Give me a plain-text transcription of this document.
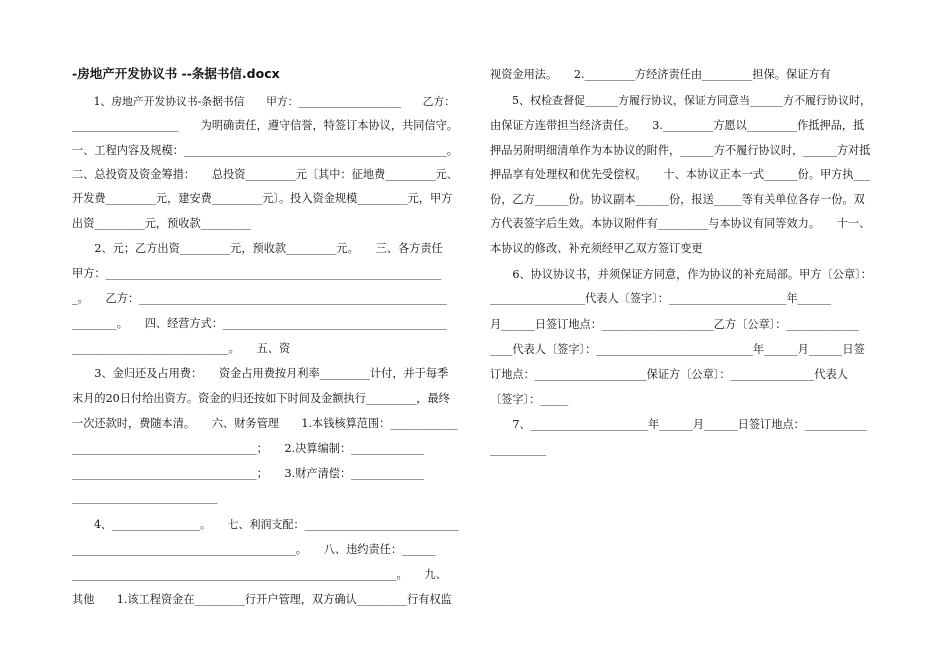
-房地产开发协议书 --条据书信.docx
　　1、房地产开发协议书-条据书信　　甲方：___________________　　乙方：
___________________　　为明确责任，遵守信誉，特签订本协议，共同信守。
一、工程内容及规模：_______________________________________________。
二、总投资及资金筹措：　　总投资_________元〔其中：征地费_________元、
开发费_________元，建安费_________元〕。投入资金规模_________元，甲方
出资_________元，预收款_________
　　2、元；乙方出资_________元，预收款_________元。　　三、各方责任
甲方：____________________________________________________________
_。　　乙方：_______________________________________________________
________。　　四、经营方式：________________________________________
____________________________。　　五、资
　　3、金归还及占用费：　　资金占用费按月利率_________计付，并于每季
末月的20日付给出资方。资金的归还按如下时间及金额执行_________，最终
一次还款时，费随本清。　　六、财务管理　　1.本钱核算范围：____________
_________________________________；　　2.决算编制：_____________
_________________________________；　　3.财产清偿：_____________
__________________________
　　4、________________。　　七、利润支配：____________________________
________________________________________。　　八、违约责任：______
__________________________________________________________。　　九、
其他　　1.该工程资金在_________行开户管理，双方确认_________行有权监
视资金用法。　　2._________方经济责任由_________担保。保证方有
　　5、权检查督促______方履行协议，保证方同意当______方不履行协议时，
由保证方连带担当经济责任。　　3._________方愿以_________作抵押品，抵
押品另附明细清单作为本协议的附件，______方不履行协议时，______方对抵
押品享有处理权和优先受偿权。　　十、本协议正本一式______份。甲方执___
份，乙方______份。协议副本______份，报送_____等有关单位各存一份。双
方代表签字后生效。本协议附件有_________与本协议有同等效力。　　十一、
本协议的修改、补充须经甲乙双方签订变更
　　6、协议协议书，并须保证方同意，作为协议的补充局部。甲方〔公章〕：
_________________代表人〔签字〕：_____________________年______
月______日签订地点：____________________乙方〔公章〕：_____________
____代表人〔签字〕：____________________________年______月______日签
订地点：____________________保证方〔公章〕：_______________代表人
〔签字〕：_____
　　7、_____________________年______月______日签订地点：___________
__________
